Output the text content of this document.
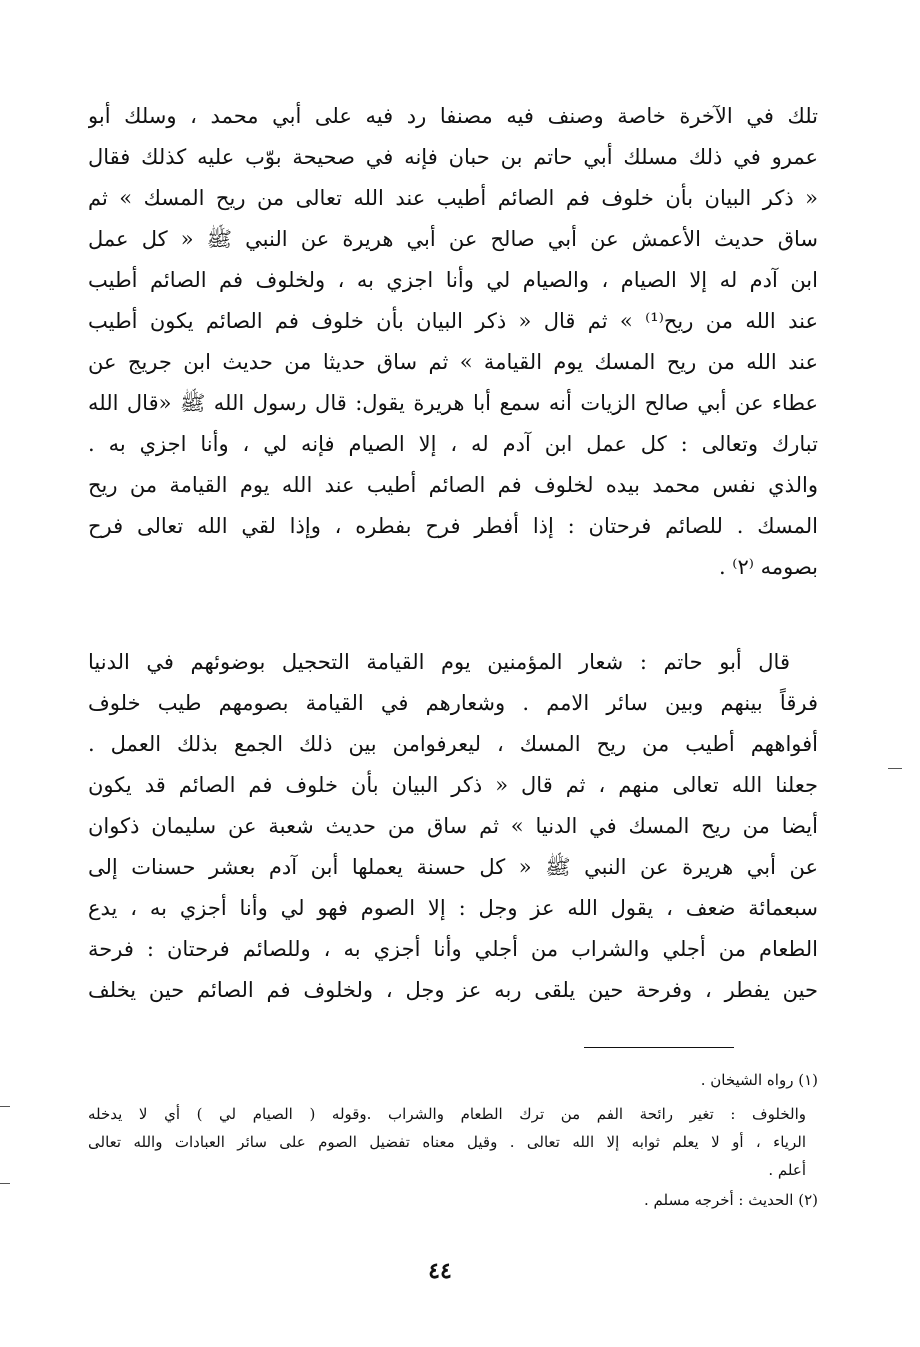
تلك في الآخرة خاصة وصنف فيه مصنفا رد فيه على أبي محمد ، وسلك أبو
عمرو في ذلك مسلك أبي حاتم بن حبان فإنه في صحيحة بوّب عليه كذلك فقال
« ذكر البيان بأن خلوف فم الصائم أطيب عند الله تعالى من ريح المسك » ثم
ساق حديث الأعمش عن أبي صالح عن أبي هريرة عن النبي ﷺ « كل عمل
ابن آدم له إلا الصيام ، والصيام لي وأنا اجزي به ، ولخلوف فم الصائم أطيب
عند الله من ريح⁽¹⁾ » ثم قال « ذكر البيان بأن خلوف فم الصائم يكون أطيب
عند الله من ريح المسك يوم القيامة » ثم ساق حديثا من حديث ابن جريج عن
عطاء عن أبي صالح الزيات أنه سمع أبا هريرة يقول: قال رسول الله ﷺ «قال الله
تبارك وتعالى : كل عمل ابن آدم له ، إلا الصيام فإنه لي ، وأنا اجزي به .
والذي نفس محمد بيده لخلوف فم الصائم أطيب عند الله يوم القيامة من ريح
المسك . للصائم فرحتان : إذا أفطر فرح بفطره ، وإذا لقي الله تعالى فرح
بصومه ⁽٢⁾ .
قال أبو حاتم : شعار المؤمنين يوم القيامة التحجيل بوضوئهم في الدنيا
فرقاً بينهم وبين سائر الامم . وشعارهم في القيامة بصومهم طيب خلوف
أفواههم أطيب من ريح المسك ، ليعرفوامن بين ذلك الجمع بذلك العمل .
جعلنا الله تعالى منهم ، ثم قال « ذكر البيان بأن خلوف فم الصائم قد يكون
أيضا من ريح المسك في الدنيا » ثم ساق من حديث شعبة عن سليمان ذكوان
عن أبي هريرة عن النبي ﷺ « كل حسنة يعملها أبن آدم بعشر حسنات إلى
سبعمائة ضعف ، يقول الله عز وجل : إلا الصوم فهو لي وأنا أجزي به ، يدع
الطعام من أجلي والشراب من أجلي وأنا أجزي به ، وللصائم فرحتان : فرحة
حين يفطر ، وفرحة حين يلقى ربه عز وجل ، ولخلوف فم الصائم حين يخلف
(١) رواه الشيخان .
والخلوف : تغير رائحة الفم من ترك الطعام والشراب .وقوله ( الصيام لي ) أي لا يدخله
الرياء ، أو لا يعلم ثوابه إلا الله تعالى . وقيل معناه تفضيل الصوم على سائر العبادات والله تعالى
أعلم .
(٢) الحديث : أخرجه مسلم .
٤٤
